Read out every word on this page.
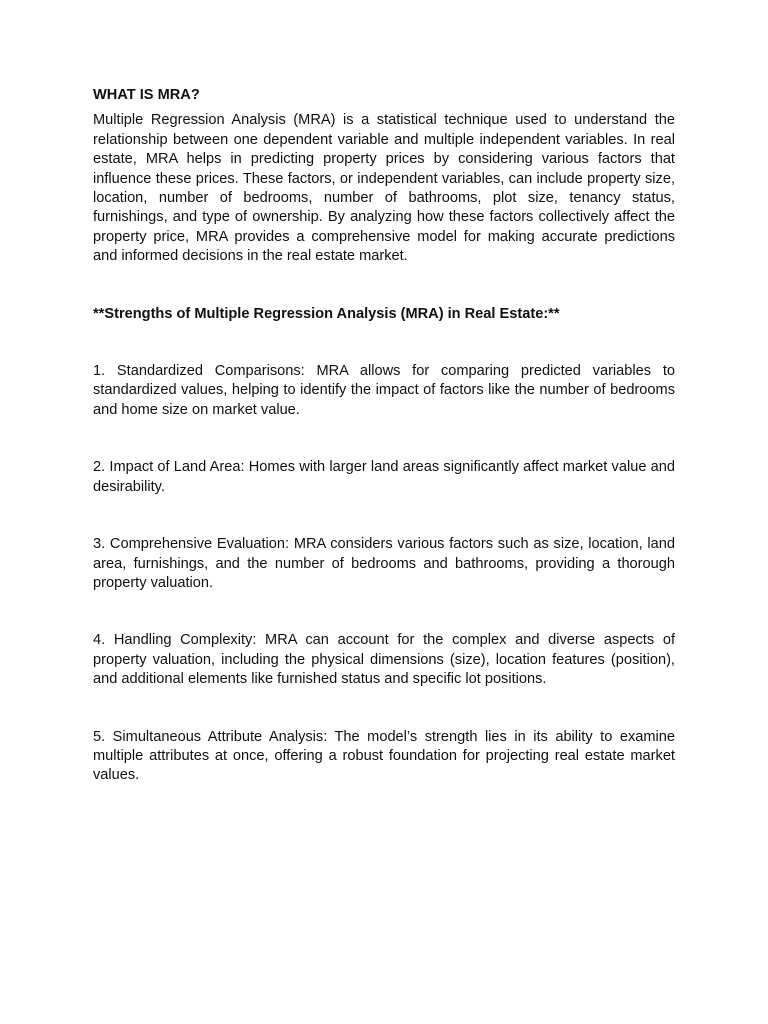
WHAT IS MRA?

Multiple Regression Analysis (MRA) is a statistical technique used to understand the relationship between one dependent variable and multiple independent variables. In real estate, MRA helps in predicting property prices by considering various factors that influence these prices. These factors, or independent variables, can include property size, location, number of bedrooms, number of bathrooms, plot size, tenancy status, furnishings, and type of ownership. By analyzing how these factors collectively affect the property price, MRA provides a comprehensive model for making accurate predictions and informed decisions in the real estate market.

**Strengths of Multiple Regression Analysis (MRA) in Real Estate:**

1. Standardized Comparisons: MRA allows for comparing predicted variables to standardized values, helping to identify the impact of factors like the number of bedrooms and home size on market value.

2. Impact of Land Area: Homes with larger land areas significantly affect market value and desirability.

3. Comprehensive Evaluation: MRA considers various factors such as size, location, land area, furnishings, and the number of bedrooms and bathrooms, providing a thorough property valuation.

4. Handling Complexity: MRA can account for the complex and diverse aspects of property valuation, including the physical dimensions (size), location features (position), and additional elements like furnished status and specific lot positions.

5. Simultaneous Attribute Analysis: The model’s strength lies in its ability to examine multiple attributes at once, offering a robust foundation for projecting real estate market values.
